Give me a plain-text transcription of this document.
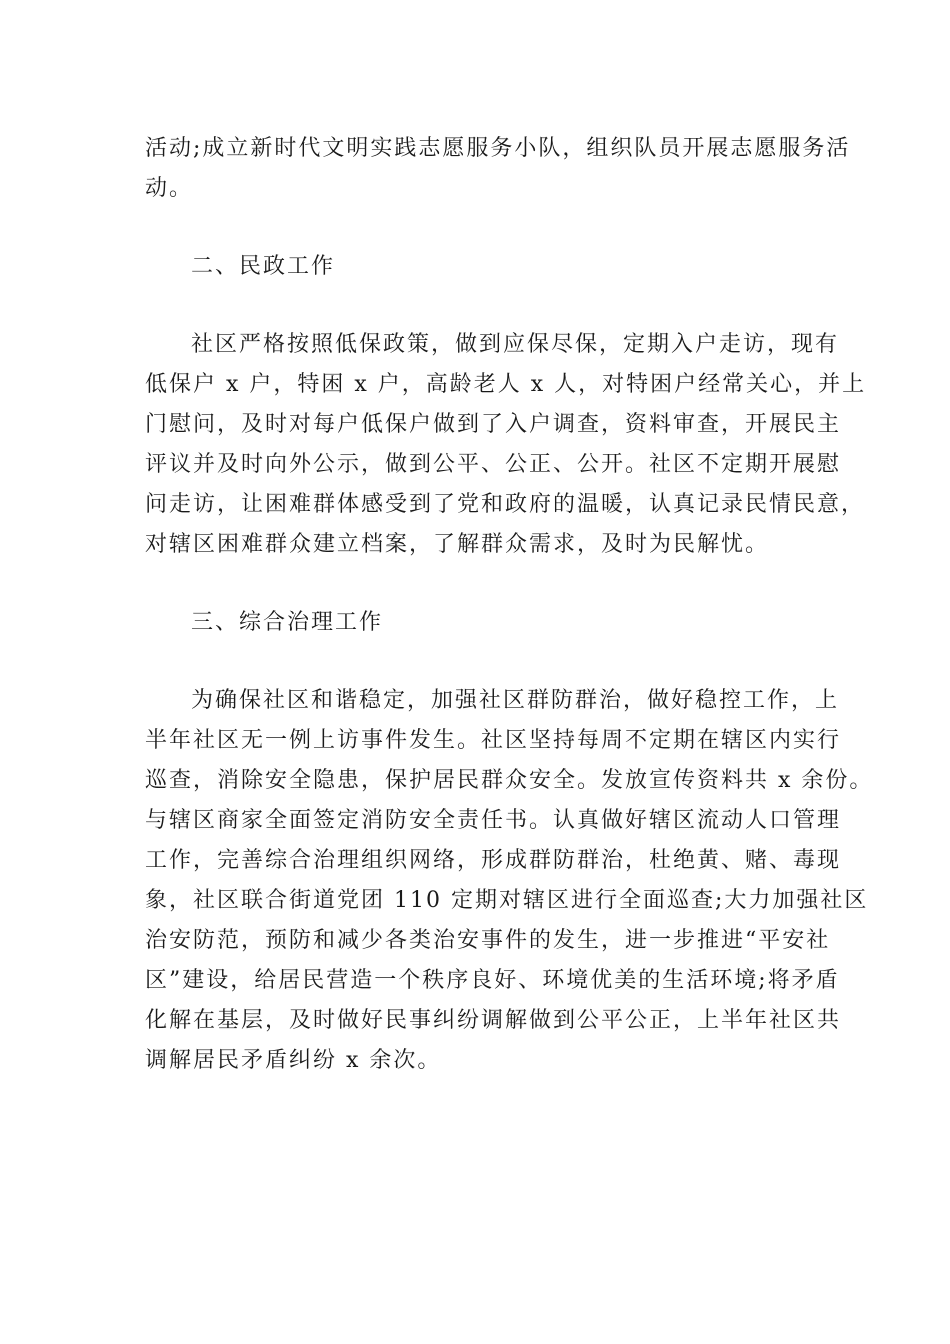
活动;成立新时代文明实践志愿服务小队，组织队员开展志愿服务活
动。
二、民政工作
社区严格按照低保政策，做到应保尽保，定期入户走访，现有
低保户 x 户，特困 x 户，高龄老人 x 人，对特困户经常关心，并上
门慰问，及时对每户低保户做到了入户调查，资料审查，开展民主
评议并及时向外公示，做到公平、公正、公开。社区不定期开展慰
问走访，让困难群体感受到了党和政府的温暖，认真记录民情民意，
对辖区困难群众建立档案，了解群众需求，及时为民解忧。
三、综合治理工作
为确保社区和谐稳定，加强社区群防群治，做好稳控工作，上
半年社区无一例上访事件发生。社区坚持每周不定期在辖区内实行
巡查，消除安全隐患，保护居民群众安全。发放宣传资料共 x 余份。
与辖区商家全面签定消防安全责任书。认真做好辖区流动人口管理
工作，完善综合治理组织网络，形成群防群治，杜绝黄、赌、毒现
象，社区联合街道党团 110 定期对辖区进行全面巡查;大力加强社区
治安防范，预防和减少各类治安事件的发生，进一步推进“平安社
区”建设，给居民营造一个秩序良好、环境优美的生活环境;将矛盾
化解在基层，及时做好民事纠纷调解做到公平公正，上半年社区共
调解居民矛盾纠纷 x 余次。
